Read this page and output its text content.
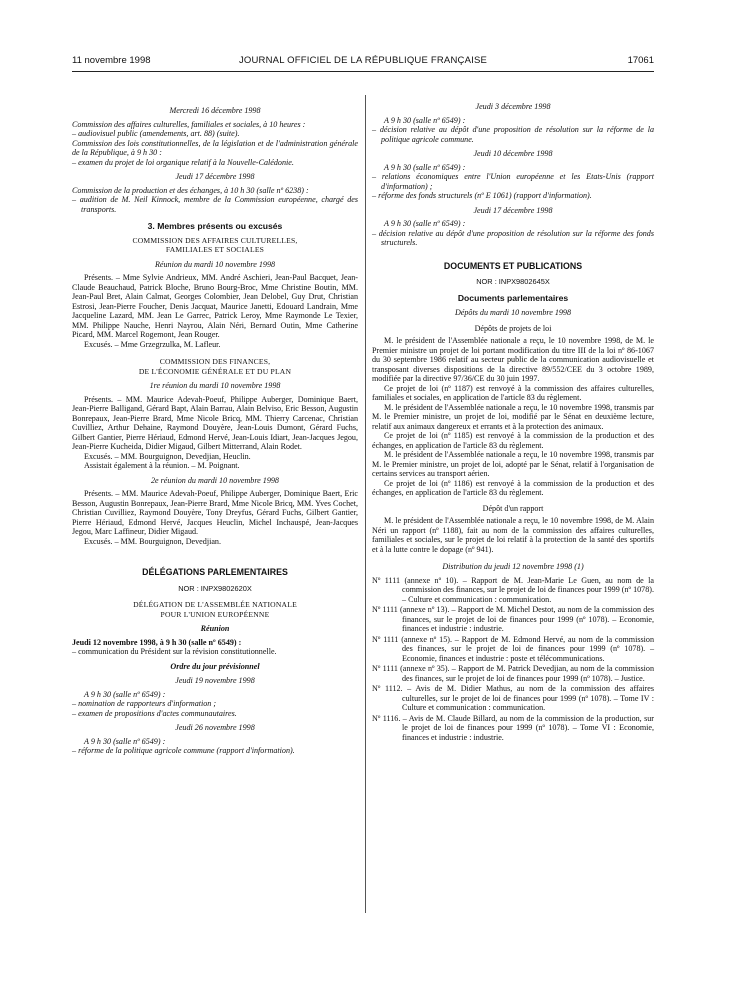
11 novembre 1998	JOURNAL OFFICIEL DE LA RÉPUBLIQUE FRANÇAISE	17061

Mercredi 16 décembre 1998

Commission des affaires culturelles, familiales et sociales, à 10 heures :

– audiovisuel public (amendements, art. 88) (suite).

Commission des lois constitutionnelles, de la législation et de l'administration générale de la République, à 9 h 30 :

– examen du projet de loi organique relatif à la Nouvelle-Calédonie.

Jeudi 17 décembre 1998

Commission de la production et des échanges, à 10 h 30 (salle nº 6238) :

– audition de M. Neil Kinnock, membre de la Commission européenne, chargé des transports.

3. Membres présents ou excusés

COMMISSION DES AFFAIRES CULTURELLES,

FAMILIALES ET SOCIALES

Réunion du mardi 10 novembre 1998

Présents. – Mme Sylvie Andrieux, MM. André Aschieri, Jean-Paul Bacquet, Jean-Claude Beauchaud, Patrick Bloche, Bruno Bourg-Broc, Mme Christine Boutin, MM. Jean-Paul Bret, Alain Calmat, Georges Colombier, Jean Delobel, Guy Drut, Christian Estrosi, Jean-Pierre Foucher, Denis Jacquat, Maurice Janetti, Edouard Landrain, Mme Jacqueline Lazard, MM. Jean Le Garrec, Patrick Leroy, Mme Raymonde Le Texier, MM. Philippe Nauche, Henri Nayrou, Alain Néri, Bernard Outin, Mme Catherine Picard, MM. Marcel Rogemont, Jean Rouger.

Excusés. – Mme Grzegrzulka, M. Lafleur.

COMMISSION DES FINANCES,

DE L'ÉCONOMIE GÉNÉRALE ET DU PLAN

1re réunion du mardi 10 novembre 1998

Présents. – MM. Maurice Adevah-Poeuf, Philippe Auberger, Dominique Baert, Jean-Pierre Balligand, Gérard Bapt, Alain Barrau, Alain Belviso, Eric Besson, Augustin Bonrepaux, Jean-Pierre Brard, Mme Nicole Bricq, MM. Thierry Carcenac, Christian Cuvilliez, Arthur Dehaine, Raymond Douyère, Jean-Louis Dumont, Gérard Fuchs, Gilbert Gantier, Pierre Hériaud, Edmond Hervé, Jean-Louis Idiart, Jean-Jacques Jegou, Jean-Pierre Kucheida, Didier Migaud, Gilbert Mitterrand, Alain Rodet.

Excusés. – MM. Bourguignon, Devedjian, Heuclin.

Assistait également à la réunion. – M. Poignant.

2e réunion du mardi 10 novembre 1998

Présents. – MM. Maurice Adevah-Poeuf, Philippe Auberger, Dominique Baert, Eric Besson, Augustin Bonrepaux, Jean-Pierre Brard, Mme Nicole Bricq, MM. Yves Cochet, Christian Cuvilliez, Raymond Douyère, Tony Dreyfus, Gérard Fuchs, Gilbert Gantier, Pierre Hériaud, Edmond Hervé, Jacques Heuclin, Michel Inchauspé, Jean-Jacques Jegou, Marc Laffineur, Didier Migaud.

Excusés. – MM. Bourguignon, Devedjian.

DÉLÉGATIONS PARLEMENTAIRES

NOR : INPX9802620X

DÉLÉGATION DE L'ASSEMBLÉE NATIONALE

POUR L'UNION EUROPÉENNE

Réunion

Jeudi 12 novembre 1998, à 9 h 30 (salle nº 6549) :

– communication du Président sur la révision constitutionnelle.

Ordre du jour prévisionnel

Jeudi 19 novembre 1998

A 9 h 30 (salle nº 6549) :

– nomination de rapporteurs d'information ;

– examen de propositions d'actes communautaires.

Jeudi 26 novembre 1998

A 9 h 30 (salle nº 6549) :

– réforme de la politique agricole commune (rapport d'information).

Jeudi 3 décembre 1998

A 9 h 30 (salle nº 6549) :

– décision relative au dépôt d'une proposition de résolution sur la réforme de la politique agricole commune.

Jeudi 10 décembre 1998

A 9 h 30 (salle nº 6549) :

– relations économiques entre l'Union européenne et les Etats-Unis (rapport d'information) ;

– réforme des fonds structurels (nº E 1061) (rapport d'information).

Jeudi 17 décembre 1998

A 9 h 30 (salle nº 6549) :

– décision relative au dépôt d'une proposition de résolution sur la réforme des fonds structurels.

DOCUMENTS ET PUBLICATIONS

NOR : INPX9802645X

Documents parlementaires

Dépôts du mardi 10 novembre 1998

Dépôts de projets de loi

M. le président de l'Assemblée nationale a reçu, le 10 novembre 1998, de M. le Premier ministre un projet de loi portant modification du titre III de la loi nº 86-1067 du 30 septembre 1986 relatif au secteur public de la communication audiovisuelle et transposant diverses dispositions de la directive 89/552/CEE du 3 octobre 1989, modifiée par la directive 97/36/CE du 30 juin 1997.

Ce projet de loi (nº 1187) est renvoyé à la commission des affaires culturelles, familiales et sociales, en application de l'article 83 du règlement.

M. le président de l'Assemblée nationale a reçu, le 10 novembre 1998, transmis par M. le Premier ministre, un projet de loi, modifié par le Sénat en deuxième lecture, relatif aux animaux dangereux et errants et à la protection des animaux.

Ce projet de loi (nº 1185) est renvoyé à la commission de la production et des échanges, en application de l'article 83 du règlement.

M. le président de l'Assemblée nationale a reçu, le 10 novembre 1998, transmis par M. le Premier ministre, un projet de loi, adopté par le Sénat, relatif à l'organisation de certains services au transport aérien.

Ce projet de loi (nº 1186) est renvoyé à la commission de la production et des échanges, en application de l'article 83 du règlement.

Dépôt d'un rapport

M. le président de l'Assemblée nationale a reçu, le 10 novembre 1998, de M. Alain Néri un rapport (nº 1188), fait au nom de la commission des affaires culturelles, familiales et sociales, sur le projet de loi relatif à la protection de la santé des sportifs et à la lutte contre le dopage (nº 941).

Distribution du jeudi 12 novembre 1998 (1)

Nº 1111 (annexe nº 10). – Rapport de M. Jean-Marie Le Guen, au nom de la commission des finances, sur le projet de loi de finances pour 1999 (nº 1078). – Culture et communication : communication.

Nº 1111 (annexe nº 13). – Rapport de M. Michel Destot, au nom de la commission des finances, sur le projet de loi de finances pour 1999 (nº 1078). – Economie, finances et industrie : industrie.

Nº 1111 (annexe nº 15). – Rapport de M. Edmond Hervé, au nom de la commission des finances, sur le projet de loi de finances pour 1999 (nº 1078). – Economie, finances et industrie : poste et télécommunications.

Nº 1111 (annexe nº 35). – Rapport de M. Patrick Devedjian, au nom de la commission des finances, sur le projet de loi de finances pour 1999 (nº 1078). – Justice.

Nº 1112. – Avis de M. Didier Mathus, au nom de la commission des affaires culturelles, sur le projet de loi de finances pour 1999 (nº 1078). – Tome IV : Culture et communication : communication.

Nº 1116. – Avis de M. Claude Billard, au nom de la commission de la production, sur le projet de loi de finances pour 1999 (nº 1078). – Tome VI : Economie, finances et industrie : industrie.
